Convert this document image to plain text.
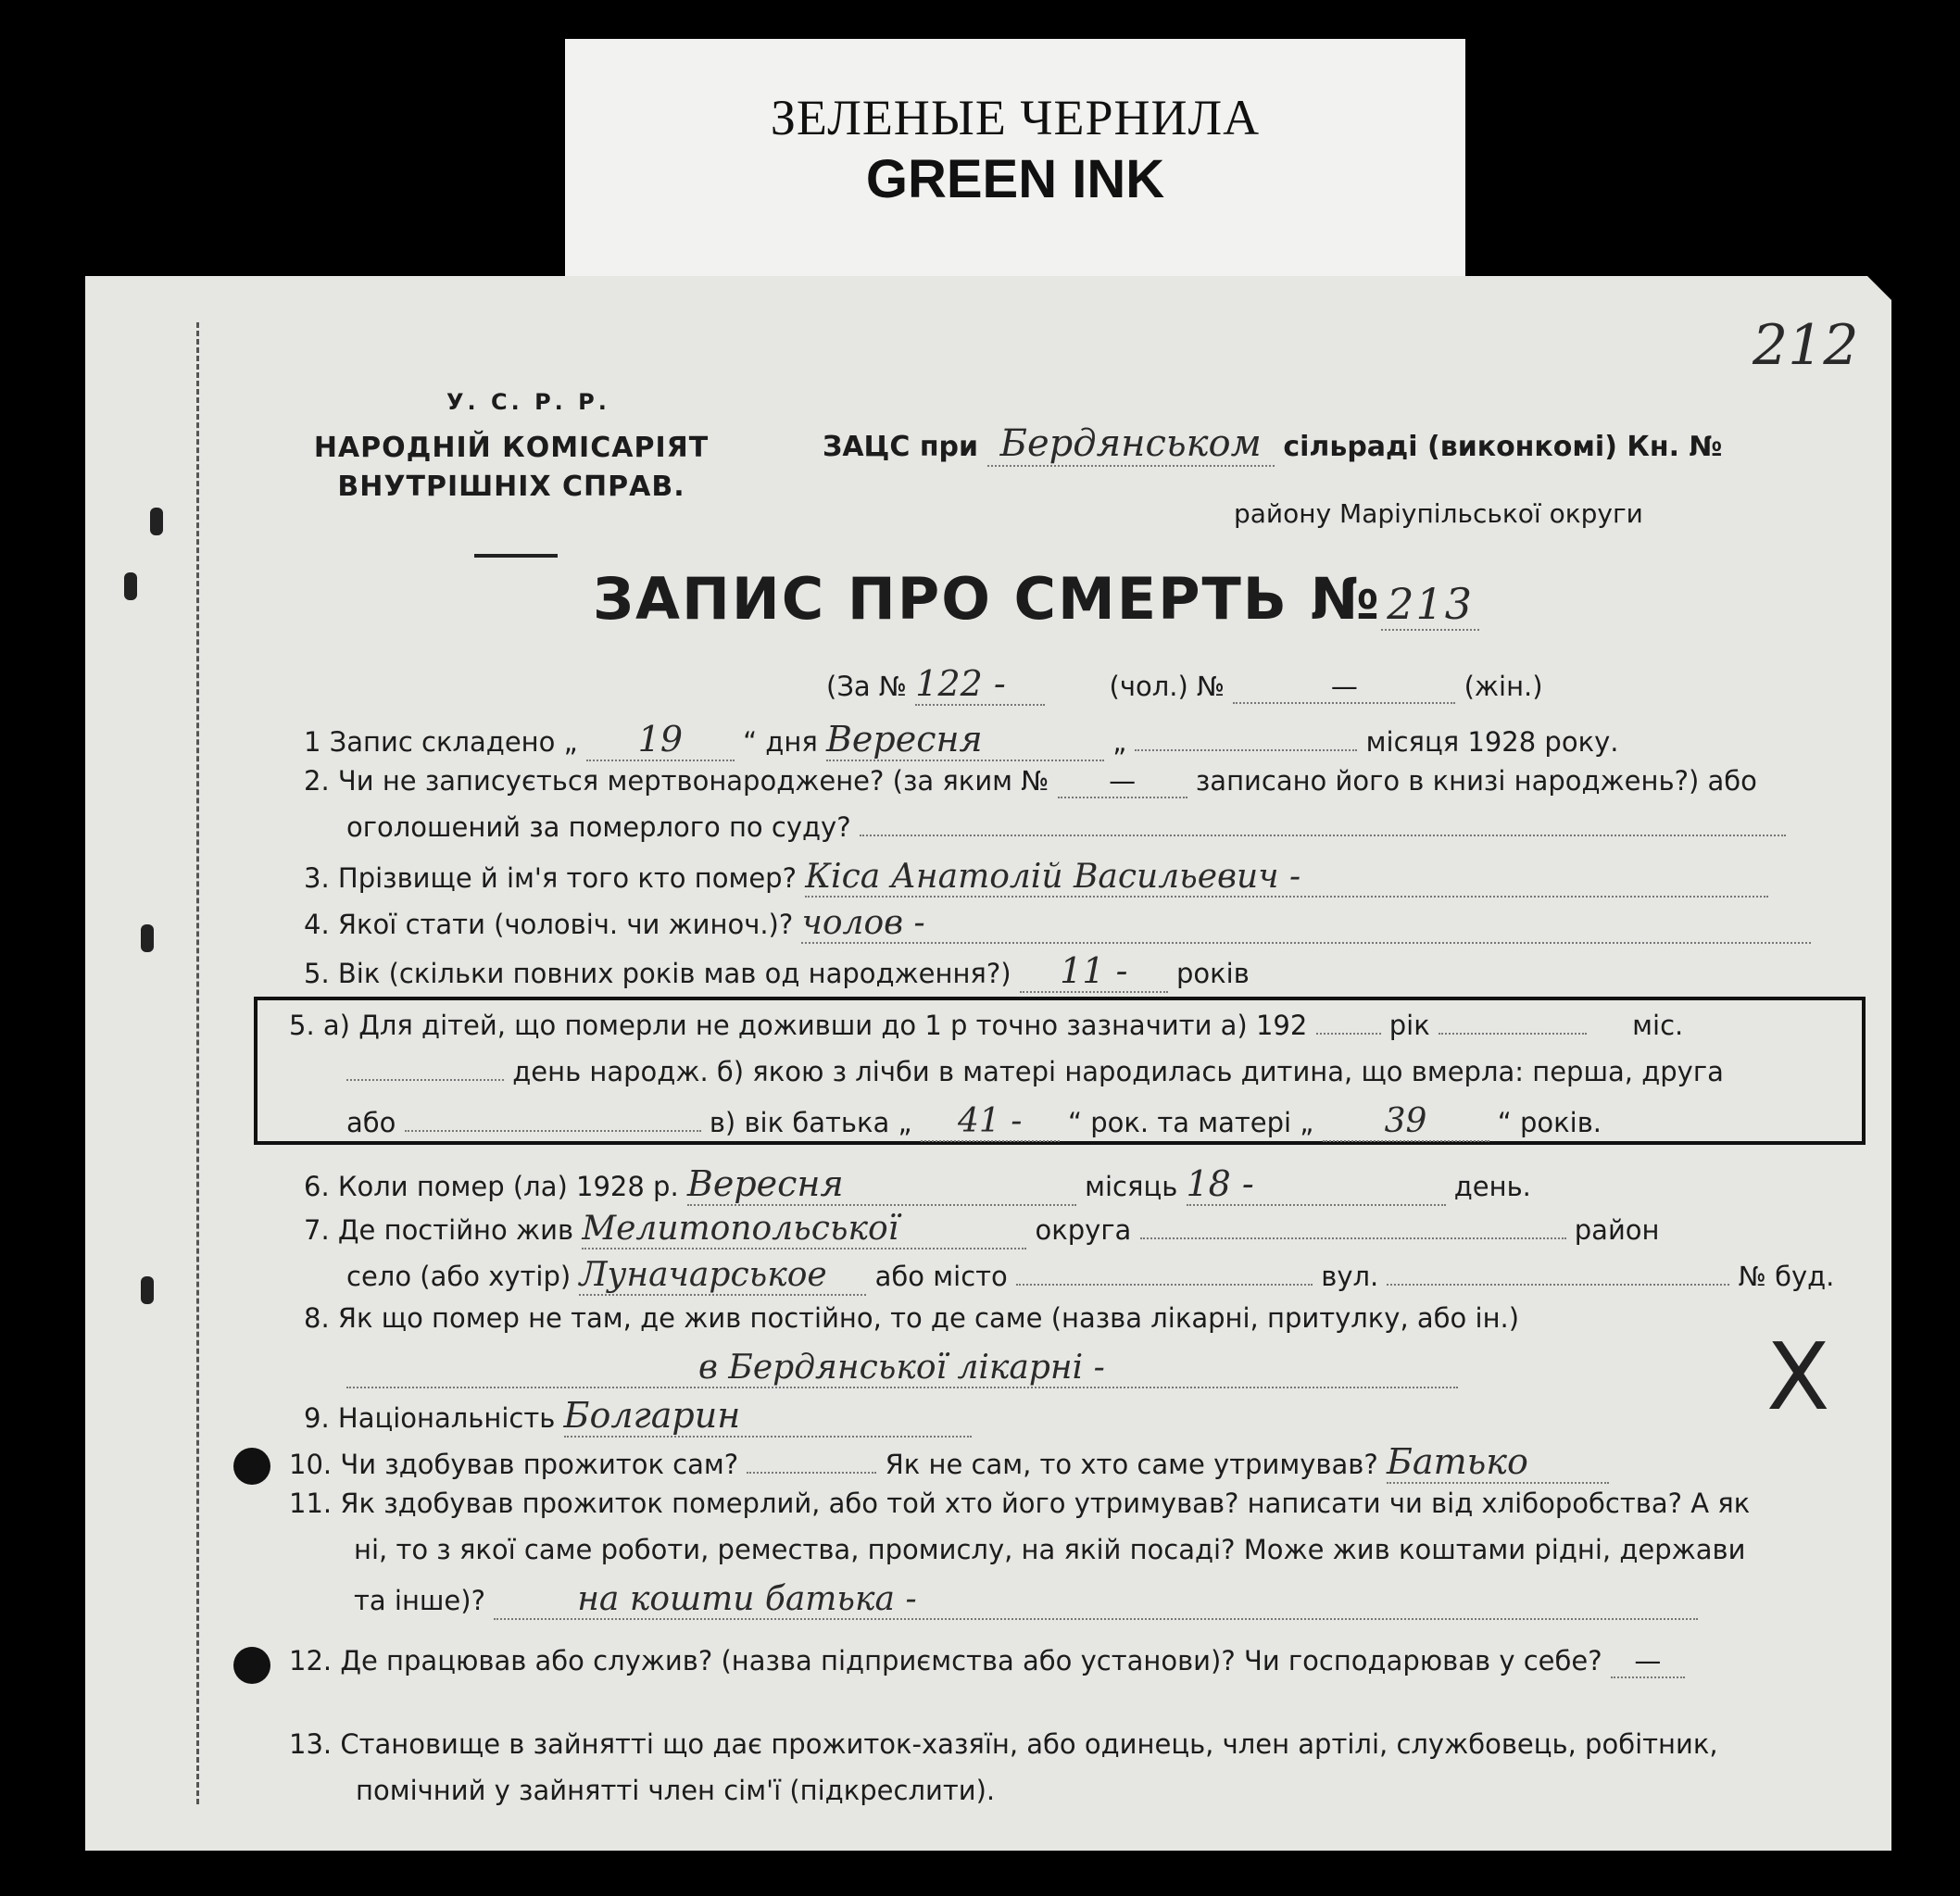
ЗЕЛЕНЫЕ ЧЕРНИЛА
GREEN INK
212
У. С. Р. Р.
НАРОДНІЙ КОМІСАРІЯТ ВНУТРІШНІХ СПРАВ.
ЗАЦС при Бердянськом сільраді (виконкомі) Кн. №
району Маріупільської округи
ЗАПИС ПРО СМЕРТЬ № 213
(За № 122 -	(чол.) №	—	(жін.)
1 Запис складено „ 19 “ дня Вересня	„	місяця 1928 року.
2. Чи не записується мертвонароджене? (за яким № — записано його в книзі народжень?) або
оголошений за померлого по суду?
3. Прізвище й ім'я того кто помер? Кіса Анатолій Васильевич -
4. Якої стати (чоловіч. чи жиноч.)? чолов -
5. Вік (скільки повних років мав од народження?) 11 - років
5. а) Для дітей, що померли не доживши до 1 р точно зазначити а) 192	рік	міс.
день народж. б) якою з лічби в матері народилась дитина, що вмерла: перша, друга
або	в) вік батька „ 41 - “ рок. та матері „ 39	“ років.
6. Коли помер (ла) 1928 р. Вересня	місяць 18 -	день.
7. Де постійно жив Мелитопольської	округа	район
село (або хутір) Луначарськое або місто	вул.	№ буд.
8. Як що помер не там, де жив постійно, то де саме (назва лікарні, притулку, або ін.)
в Бердянської лікарні -	X
9. Національність Болгарин
10. Чи здобував прожиток сам?	Як не сам, то хто саме утримував? Батько
11. Як здобував прожиток померлий, або той хто його утримував? написати чи від хліборобства? А як
ні, то з якої саме роботи, ремества, промислу, на якій посаді? Може жив коштами рідні, держави
та інше)?	на кошти батька -
12. Де працював або служив? (назва підприємства або установи)? Чи господарював у себе? —
13. Становище в зайнятті що дає прожиток-хазяїн, або одинець, член артілі, службовець, робітник,
помічний у зайнятті член сім'ї (підкреслити).
